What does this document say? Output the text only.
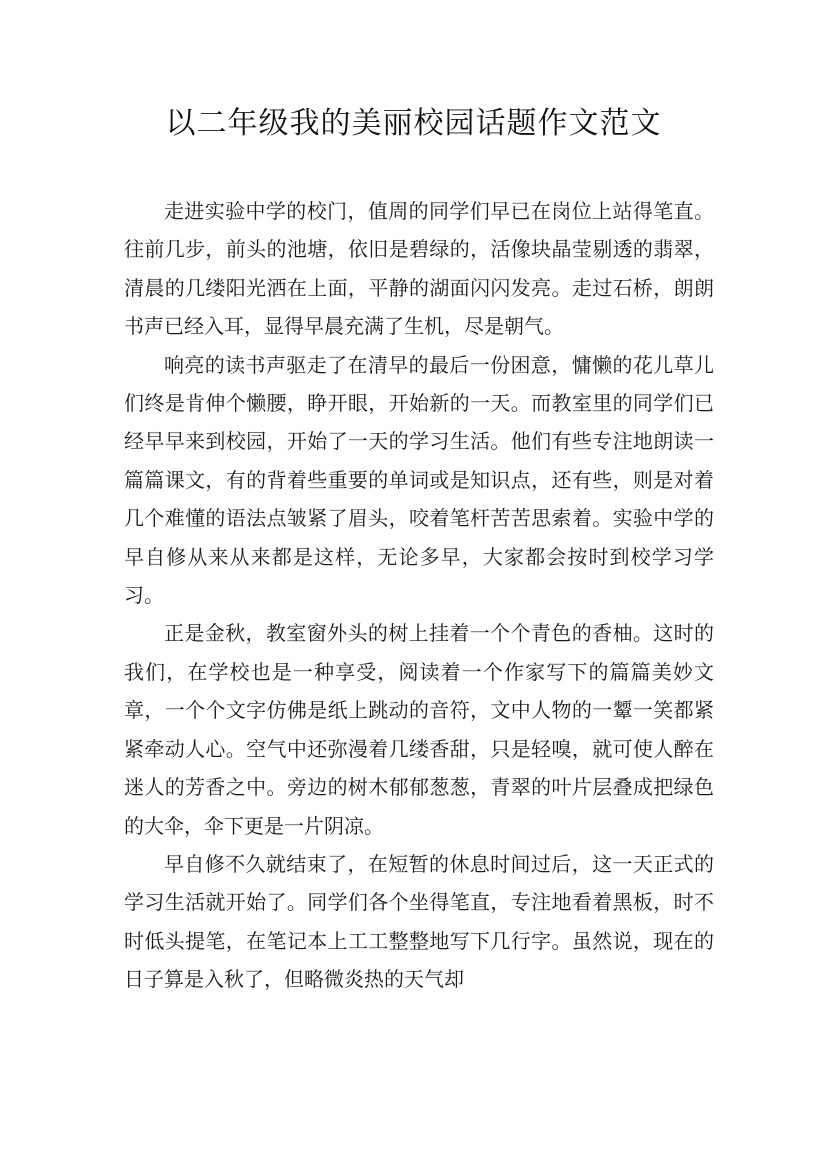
以二年级我的美丽校园话题作文范文

走进实验中学的校门，值周的同学们早已在岗位上站得笔直。往前几步，前头的池塘，依旧是碧绿的，活像块晶莹剔透的翡翠，清晨的几缕阳光洒在上面，平静的湖面闪闪发亮。走过石桥，朗朗书声已经入耳，显得早晨充满了生机，尽是朝气。

响亮的读书声驱走了在清早的最后一份困意，慵懒的花儿草儿们终是肯伸个懒腰，睁开眼，开始新的一天。而教室里的同学们已经早早来到校园，开始了一天的学习生活。他们有些专注地朗读一篇篇课文，有的背着些重要的单词或是知识点，还有些，则是对着几个难懂的语法点皱紧了眉头，咬着笔杆苦苦思索着。实验中学的早自修从来从来都是这样，无论多早，大家都会按时到校学习学习。

正是金秋，教室窗外头的树上挂着一个个青色的香柚。这时的我们，在学校也是一种享受，阅读着一个作家写下的篇篇美妙文章，一个个文字仿佛是纸上跳动的音符，文中人物的一颦一笑都紧紧牵动人心。空气中还弥漫着几缕香甜，只是轻嗅，就可使人醉在迷人的芳香之中。旁边的树木郁郁葱葱，青翠的叶片层叠成把绿色的大伞，伞下更是一片阴凉。

早自修不久就结束了，在短暂的休息时间过后，这一天正式的学习生活就开始了。同学们各个坐得笔直，专注地看着黑板，时不时低头提笔，在笔记本上工工整整地写下几行字。虽然说，现在的日子算是入秋了，但略微炎热的天气却
